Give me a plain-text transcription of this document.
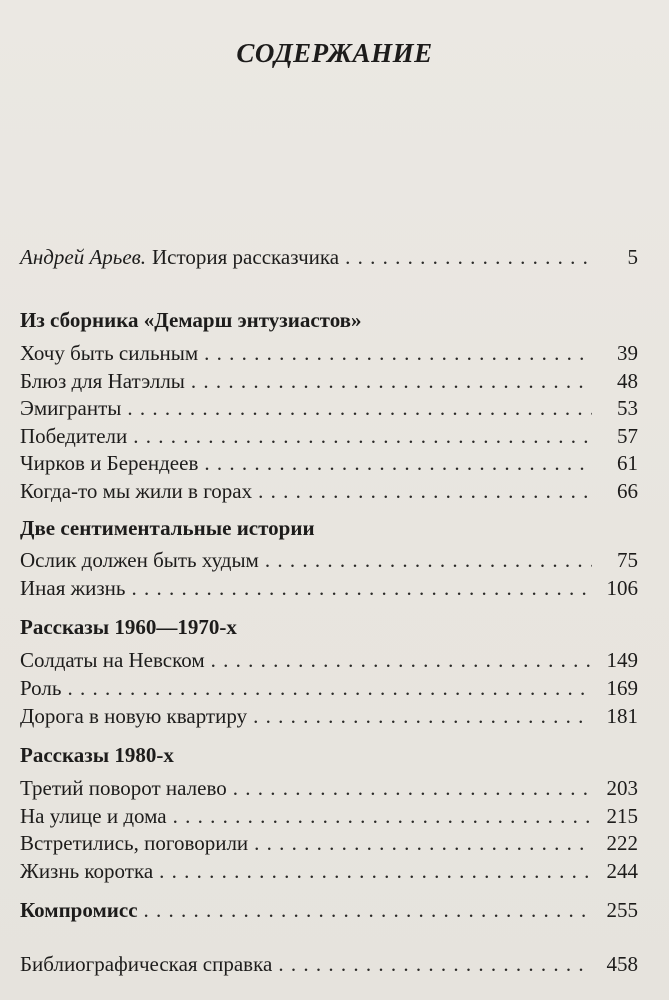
СОДЕРЖАНИЕ
Андрей Арьев. История рассказчика . . .	5
Из сборника «Демарш энтузиастов»
Хочу быть сильным . . .	39
Блюз для Натэллы . . .	48
Эмигранты . . .	53
Победители . . .	57
Чирков и Берендеев . . .	61
Когда-то мы жили в горах . . .	66
Две сентиментальные истории
Ослик должен быть худым . . .	75
Иная жизнь . . .	106
Рассказы 1960—1970-х
Солдаты на Невском . . .	149
Роль . . .	169
Дорога в новую квартиру . . .	181
Рассказы 1980-х
Третий поворот налево . . .	203
На улице и дома . . .	215
Встретились, поговорили . . .	222
Жизнь коротка . . .	244
Компромисс . . .	255
Библиографическая справка . . .	458
